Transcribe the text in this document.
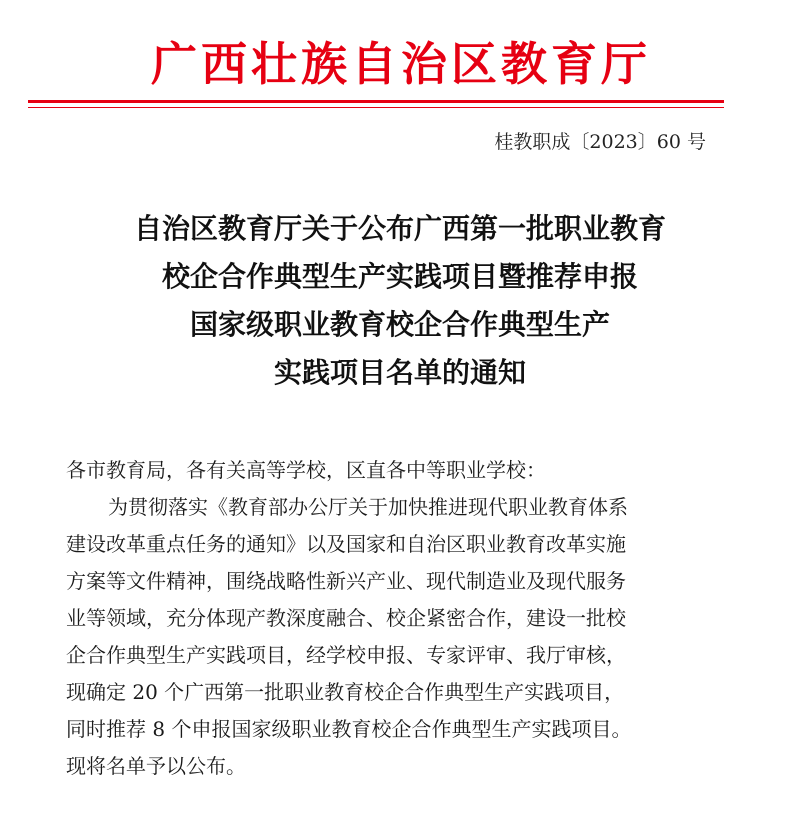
广西壮族自治区教育厅
桂教职成〔2023〕60 号
自治区教育厅关于公布广西第一批职业教育
校企合作典型生产实践项目暨推荐申报
国家级职业教育校企合作典型生产
实践项目名单的通知
各市教育局，各有关高等学校，区直各中等职业学校：
为贯彻落实《教育部办公厅关于加快推进现代职业教育体系
建设改革重点任务的通知》以及国家和自治区职业教育改革实施
方案等文件精神，围绕战略性新兴产业、现代制造业及现代服务
业等领域，充分体现产教深度融合、校企紧密合作，建设一批校
企合作典型生产实践项目，经学校申报、专家评审、我厅审核，
现确定 20 个广西第一批职业教育校企合作典型生产实践项目，
同时推荐 8 个申报国家级职业教育校企合作典型生产实践项目。
现将名单予以公布。
